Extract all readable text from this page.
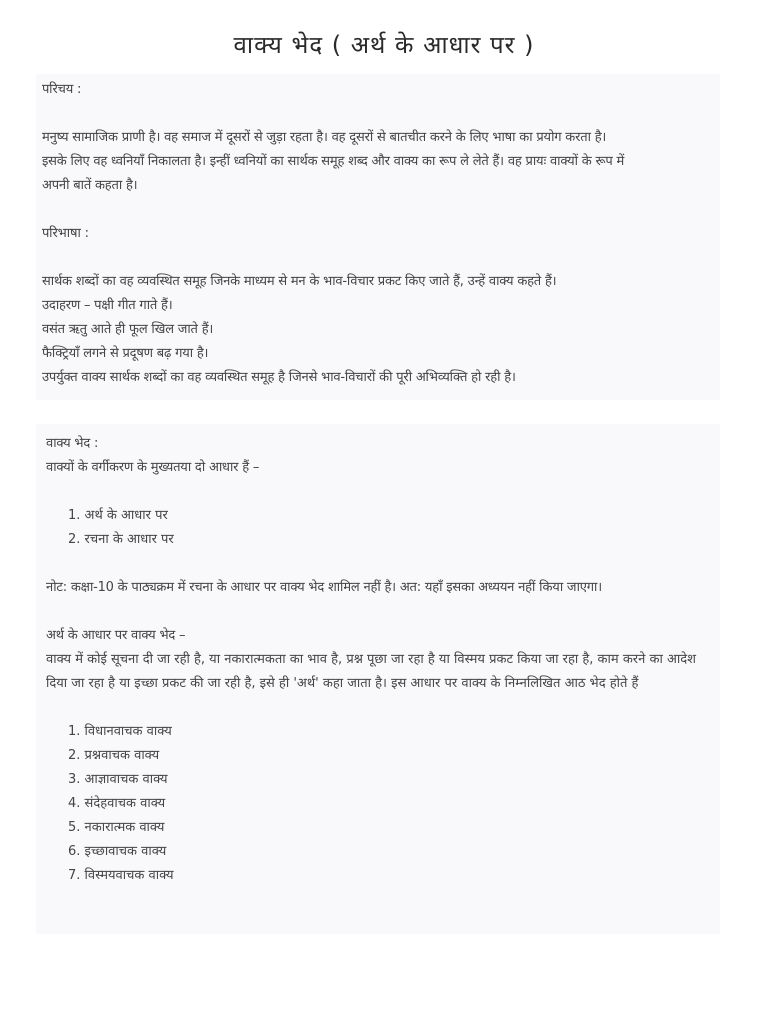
वाक्य भेद ( अर्थ के आधार पर )
परिचय :
मनुष्य सामाजिक प्राणी है। वह समाज में दूसरों से जुड़ा रहता है। वह दूसरों से बातचीत करने के लिए भाषा का प्रयोग करता है।
इसके लिए वह ध्वनियाँ निकालता है। इन्हीं ध्वनियों का सार्थक समूह शब्द और वाक्य का रूप ले लेते हैं। वह प्रायः वाक्यों के रूप में
अपनी बातें कहता है।
परिभाषा :
सार्थक शब्दों का वह व्यवस्थित समूह जिनके माध्यम से मन के भाव-विचार प्रकट किए जाते हैं, उन्हें वाक्य कहते हैं।
उदाहरण – पक्षी गीत गाते हैं।
वसंत ऋतु आते ही फूल खिल जाते हैं।
फैक्ट्रियाँ लगने से प्रदूषण बढ़ गया है।
उपर्युक्त वाक्य सार्थक शब्दों का वह व्यवस्थित समूह है जिनसे भाव-विचारों की पूरी अभिव्यक्ति हो रही है।
वाक्य भेद :
वाक्यों के वर्गीकरण के मुख्यतया दो आधार हैं –
1. अर्थ के आधार पर
2. रचना के आधार पर
नोट: कक्षा-10 के पाठ्यक्रम में रचना के आधार पर वाक्य भेद शामिल नहीं है। अत: यहाँ इसका अध्ययन नहीं किया जाएगा।
अर्थ के आधार पर वाक्य भेद –
वाक्य में कोई सूचना दी जा रही है, या नकारात्मकता का भाव है, प्रश्न पूछा जा रहा है या विस्मय प्रकट किया जा रहा है, काम करने का आदेश दिया जा रहा है या इच्छा प्रकट की जा रही है, इसे ही 'अर्थ' कहा जाता है। इस आधार पर वाक्य के निम्नलिखित आठ भेद होते हैं
1. विधानवाचक वाक्य
2. प्रश्नवाचक वाक्य
3. आज्ञावाचक वाक्य
4. संदेहवाचक वाक्य
5. नकारात्मक वाक्य
6. इच्छावाचक वाक्य
7. विस्मयवाचक वाक्य
